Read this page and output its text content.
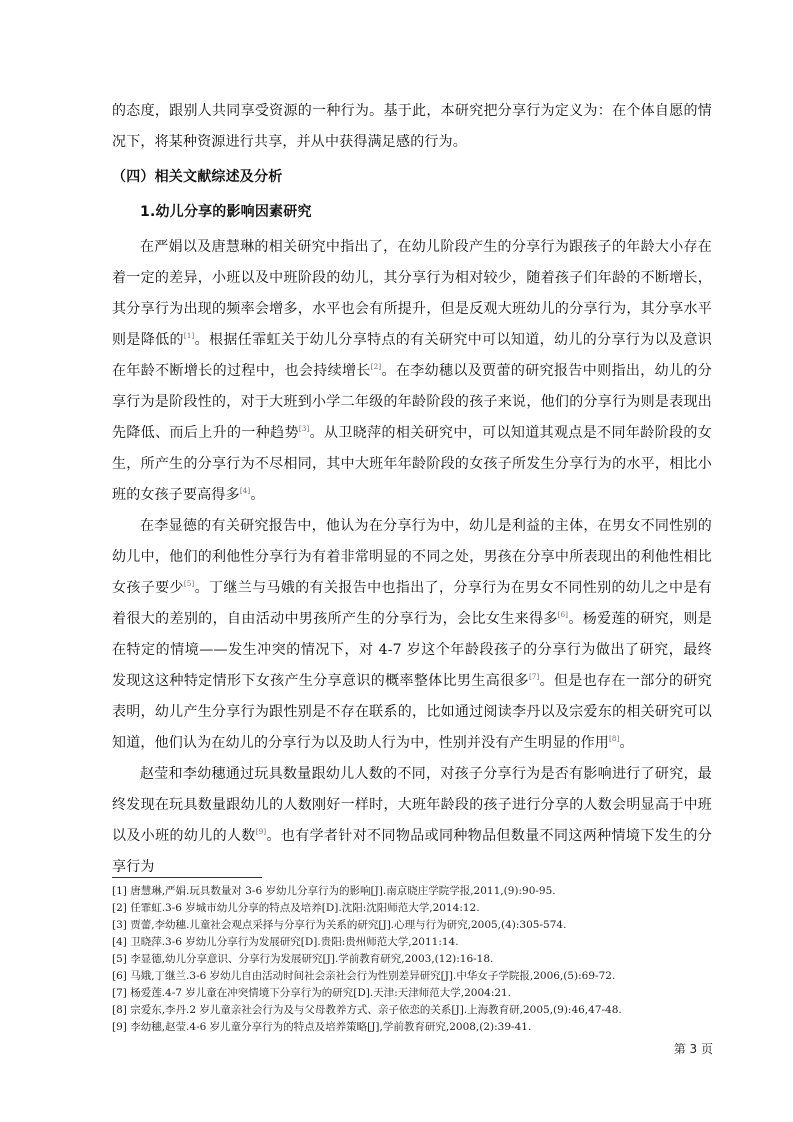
的态度，跟别人共同享受资源的一种行为。基于此，本研究把分享行为定义为：在个体自愿的情况下，将某种资源进行共享，并从中获得满足感的行为。

（四）相关文献综述及分析

1.幼儿分享的影响因素研究

在严娟以及唐慧琳的相关研究中指出了，在幼儿阶段产生的分享行为跟孩子的年龄大小存在着一定的差异，小班以及中班阶段的幼儿，其分享行为相对较少，随着孩子们年龄的不断增长，其分享行为出现的频率会增多，水平也会有所提升，但是反观大班幼儿的分享行为，其分享水平则是降低的[1]。根据任霏虹关于幼儿分享特点的有关研究中可以知道，幼儿的分享行为以及意识在年龄不断增长的过程中，也会持续增长[2]。在李幼穗以及贾蕾的研究报告中则指出，幼儿的分享行为是阶段性的，对于大班到小学二年级的年龄阶段的孩子来说，他们的分享行为则是表现出先降低、而后上升的一种趋势[3]。从卫晓萍的相关研究中，可以知道其观点是不同年龄阶段的女生，所产生的分享行为不尽相同，其中大班年年龄阶段的女孩子所发生分享行为的水平，相比小班的女孩子要高得多[4]。

在李显德的有关研究报告中，他认为在分享行为中，幼儿是利益的主体，在男女不同性别的幼儿中，他们的利他性分享行为有着非常明显的不同之处，男孩在分享中所表现出的利他性相比女孩子要少[5]。丁继兰与马娥的有关报告中也指出了，分享行为在男女不同性别的幼儿之中是有着很大的差别的，自由活动中男孩所产生的分享行为，会比女生来得多[6]。杨爱莲的研究，则是在特定的情境——发生冲突的情况下，对 4-7 岁这个年龄段孩子的分享行为做出了研究，最终发现这这种特定情形下女孩产生分享意识的概率整体比男生高很多[7]。但是也存在一部分的研究表明，幼儿产生分享行为跟性别是不存在联系的，比如通过阅读李丹以及宗爱东的相关研究可以知道，他们认为在幼儿的分享行为以及助人行为中，性别并没有产生明显的作用[8]。

赵莹和李幼穗通过玩具数量跟幼儿人数的不同，对孩子分享行为是否有影响进行了研究，最终发现在玩具数量跟幼儿的人数刚好一样时，大班年龄段的孩子进行分享的人数会明显高于中班以及小班的幼儿的人数[9]。也有学者针对不同物品或同种物品但数量不同这两种情境下发生的分享行为

[1] 唐慧琳,严娟.玩具数量对 3-6 岁幼儿分享行为的影响[J].南京晓庄学院学报,2011,(9):90-95.
[2] 任霏虹.3-6 岁城市幼儿分享的特点及培养[D].沈阳:沈阳师范大学,2014:12.
[3] 贾蕾,李幼穗.儿童社会观点采择与分享行为关系的研究[J].心理与行为研究,2005,(4):305-574.
[4] 卫晓萍.3-6 岁幼儿分享行为发展研究[D].贵阳:贵州师范大学,2011:14.
[5] 李显德,幼儿分享意识、分享行为发展研究[J].学前教育研究,2003,(12):16-18.
[6] 马娥,丁继兰.3-6 岁幼儿自由活动时间社会亲社会行为性别差异研究[J].中华女子学院报,2006,(5):69-72.
[7] 杨爱莲.4-7 岁儿童在冲突情境下分享行为的研究[D].天津:天津师范大学,2004:21.
[8] 宗爱东,李丹.2 岁儿童亲社会行为及与父母教养方式、亲子依恋的关系[J].上海教育研,2005,(9):46,47-48.
[9] 李幼穗,赵莹.4-6 岁儿童分享行为的特点及培养策略[J],学前教育研究,2008,(2):39-41.
第 3 页
